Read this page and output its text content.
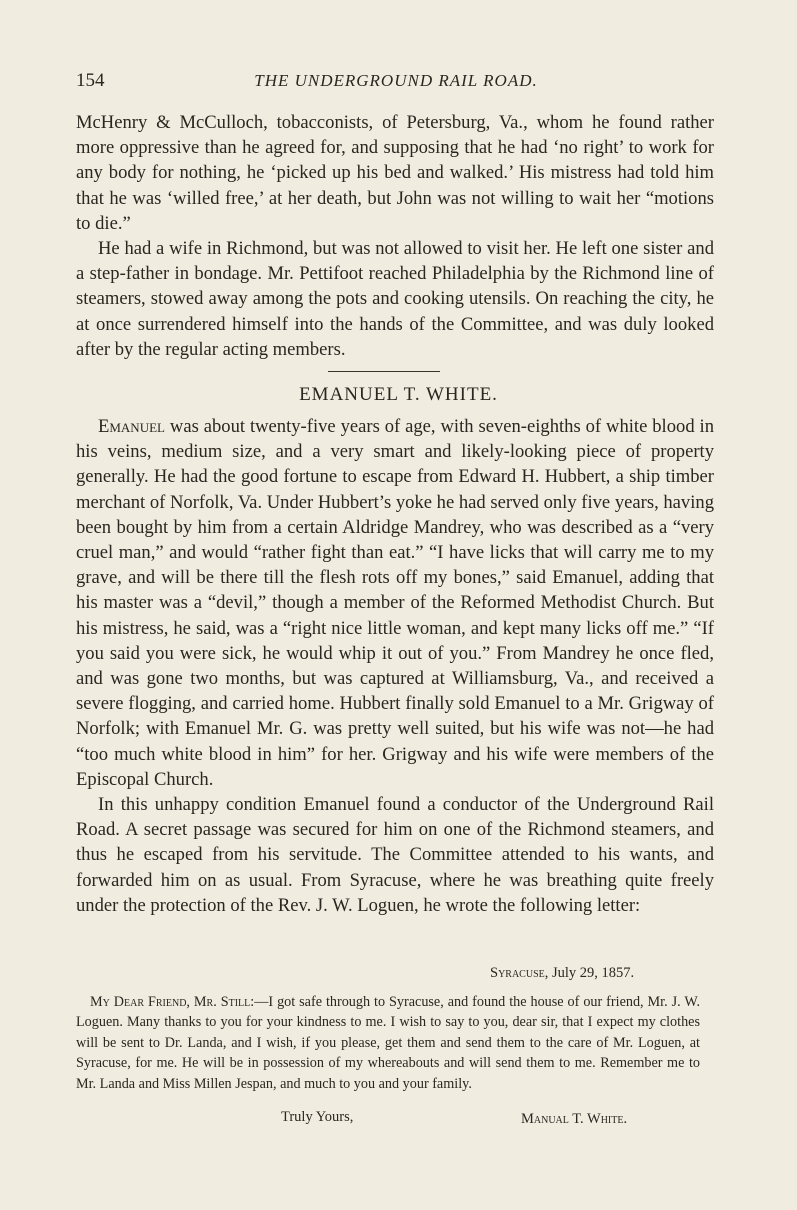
154	THE UNDERGROUND RAIL ROAD.

McHenry & McCulloch, tobacconists, of Petersburg, Va., whom he found rather more oppressive than he agreed for, and supposing that he had ‘no right’ to work for any body for nothing, he ‘picked up his bed and walked.’ His mistress had told him that he was ‘willed free,’ at her death, but John was not willing to wait her “motions to die.”

He had a wife in Richmond, but was not allowed to visit her. He left one sister and a step-father in bondage. Mr. Pettifoot reached Philadelphia by the Richmond line of steamers, stowed away among the pots and cooking utensils. On reaching the city, he at once surrendered himself into the hands of the Committee, and was duly looked after by the regular acting members.

EMANUEL T. WHITE.

Emanuel was about twenty-five years of age, with seven-eighths of white blood in his veins, medium size, and a very smart and likely-looking piece of property generally. He had the good fortune to escape from Edward H. Hubbert, a ship timber merchant of Norfolk, Va. Under Hubbert’s yoke he had served only five years, having been bought by him from a certain Aldridge Mandrey, who was described as a “very cruel man,” and would “rather fight than eat.” “I have licks that will carry me to my grave, and will be there till the flesh rots off my bones,” said Emanuel, adding that his master was a “devil,” though a member of the Reformed Methodist Church. But his mistress, he said, was a “right nice little woman, and kept many licks off me.” “If you said you were sick, he would whip it out of you.” From Mandrey he once fled, and was gone two months, but was captured at Williamsburg, Va., and received a severe flogging, and carried home. Hubbert finally sold Emanuel to a Mr. Grigway of Norfolk; with Emanuel Mr. G. was pretty well suited, but his wife was not—he had “too much white blood in him” for her. Grigway and his wife were members of the Episcopal Church.

In this unhappy condition Emanuel found a conductor of the Underground Rail Road. A secret passage was secured for him on one of the Richmond steamers, and thus he escaped from his servitude. The Committee attended to his wants, and forwarded him on as usual. From Syracuse, where he was breathing quite freely under the protection of the Rev. J. W. Loguen, he wrote the following letter:

Syracuse, July 29, 1857.

My Dear Friend, Mr. Still:—I got safe through to Syracuse, and found the house of our friend, Mr. J. W. Loguen. Many thanks to you for your kindness to me. I wish to say to you, dear sir, that I expect my clothes will be sent to Dr. Landa, and I wish, if you please, get them and send them to the care of Mr. Loguen, at Syracuse, for me. He will be in possession of my whereabouts and will send them to me. Remember me to Mr. Landa and Miss Millen Jespan, and much to you and your family.

Truly Yours,	Manual T. White.
